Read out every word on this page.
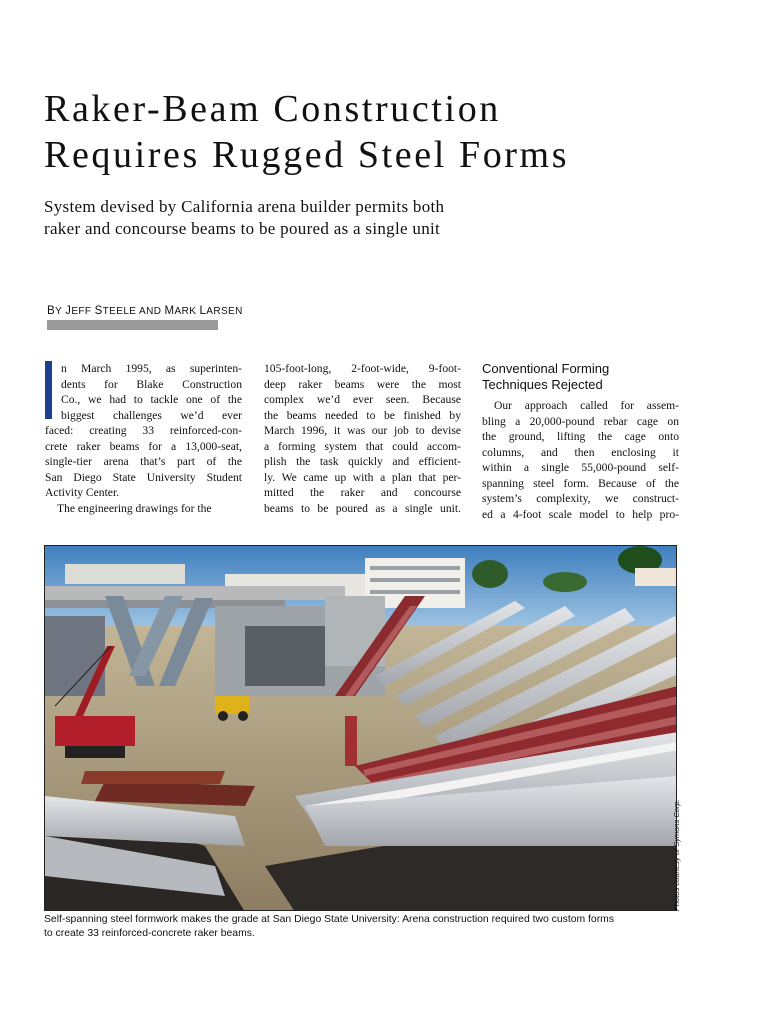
Raker-Beam Construction
Requires Rugged Steel Forms

System devised by California arena builder permits both
raker and concourse beams to be poured as a single unit

BY JEFF STEELE AND MARK LARSEN
n March 1995, as superinten-
dents for Blake Construction
Co., we had to tackle one of the
biggest challenges we’d ever
faced: creating 33 reinforced-con-
crete raker beams for a 13,000-seat,
single-tier arena that’s part of the
San Diego State University Student
Activity Center.
The engineering drawings for the
105-foot-long, 2-foot-wide, 9-foot-
deep raker beams were the most
complex we’d ever seen. Because
the beams needed to be finished by
March 1996, it was our job to devise
a forming system that could accom-
plish the task quickly and efficient-
ly. We came up with a plan that per-
mitted the raker and concourse
beams to be poured as a single unit.
Conventional Forming
Techniques Rejected
Our approach called for assem-
bling a 20,000-pound rebar cage on
the ground, lifting the cage onto
columns, and then enclosing it
within a single 55,000-pound self-
spanning steel form. Because of the
system’s complexity, we construct-
ed a 4-foot scale model to help pro-
Photos courtesy of Symons Corp.
Self-spanning steel formwork makes the grade at San Diego State University: Arena construction required two custom forms
to create 33 reinforced-concrete raker beams.
